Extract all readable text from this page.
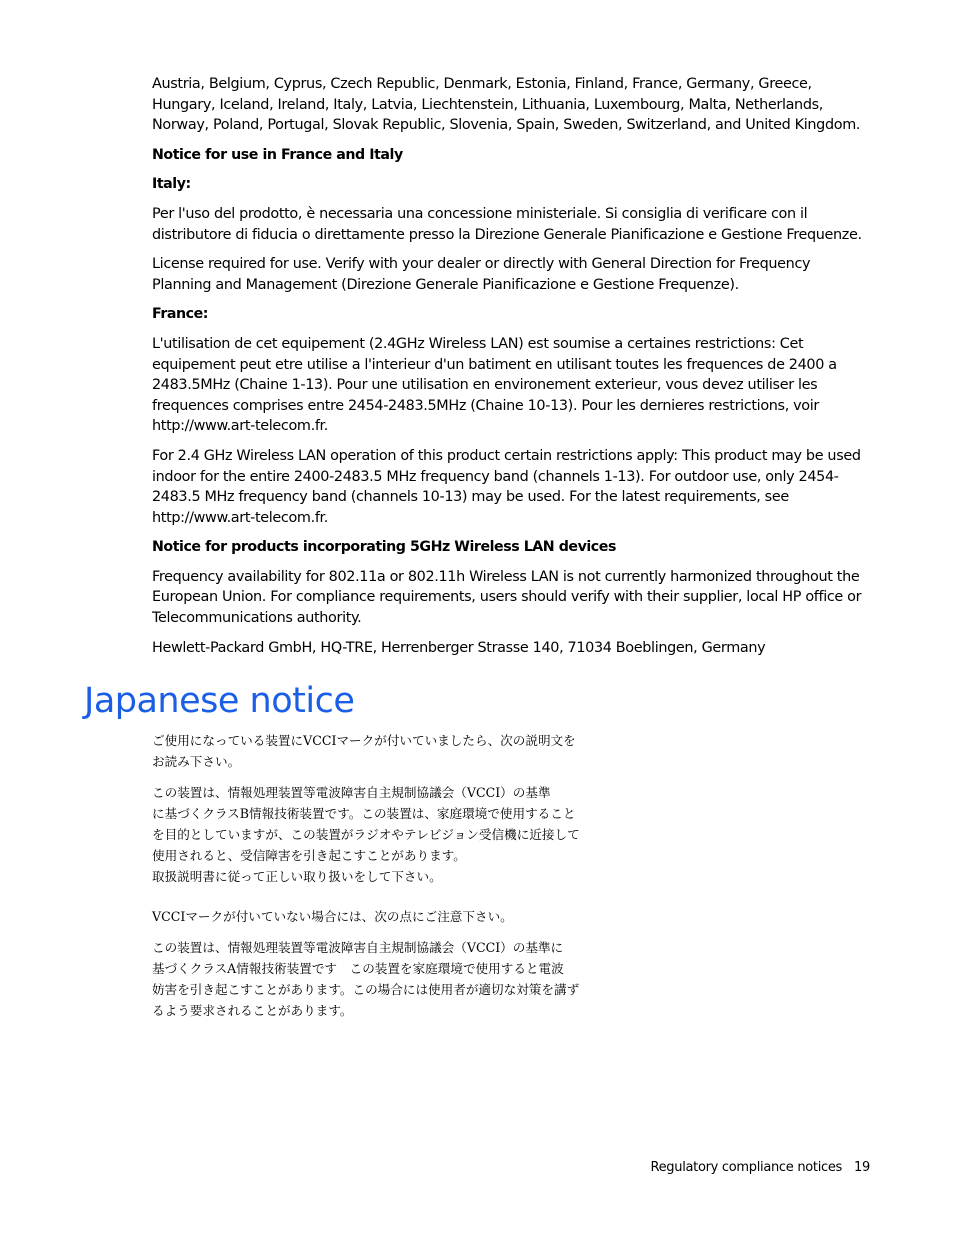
Austria, Belgium, Cyprus, Czech Republic, Denmark, Estonia, Finland, France, Germany, Greece, Hungary, Iceland, Ireland, Italy, Latvia, Liechtenstein, Lithuania, Luxembourg, Malta, Netherlands, Norway, Poland, Portugal, Slovak Republic, Slovenia, Spain, Sweden, Switzerland, and United Kingdom.

Notice for use in France and Italy

Italy:

Per l'uso del prodotto, è necessaria una concessione ministeriale. Si consiglia di verificare con il distributore di fiducia o direttamente presso la Direzione Generale Pianificazione e Gestione Frequenze.

License required for use. Verify with your dealer or directly with General Direction for Frequency Planning and Management (Direzione Generale Pianificazione e Gestione Frequenze).

France:

L'utilisation de cet equipement (2.4GHz Wireless LAN) est soumise a certaines restrictions: Cet equipement peut etre utilise a l'interieur d'un batiment en utilisant toutes les frequences de 2400 a 2483.5MHz (Chaine 1-13). Pour une utilisation en environement exterieur, vous devez utiliser les frequences comprises entre 2454-2483.5MHz (Chaine 10-13). Pour les dernieres restrictions, voir http://www.art-telecom.fr.

For 2.4 GHz Wireless LAN operation of this product certain restrictions apply: This product may be used indoor for the entire 2400-2483.5 MHz frequency band (channels 1-13). For outdoor use, only 2454-2483.5 MHz frequency band (channels 10-13) may be used. For the latest requirements, see http://www.art-telecom.fr.

Notice for products incorporating 5GHz Wireless LAN devices

Frequency availability for 802.11a or 802.11h Wireless LAN is not currently harmonized throughout the European Union. For compliance requirements, users should verify with their supplier, local HP office or Telecommunications authority.

Hewlett-Packard GmbH, HQ-TRE, Herrenberger Strasse 140, 71034 Boeblingen, Germany

Japanese notice

ご使用になっている装置にVCCIマークが付いていましたら、次の説明文を
お読み下さい。

この装置は、情報処理装置等電波障害自主規制協議会（VCCI）の基準
に基づくクラスB情報技術装置です。この装置は、家庭環境で使用すること
を目的としていますが、この装置がラジオやテレビジョン受信機に近接して
使用されると、受信障害を引き起こすことがあります。
取扱説明書に従って正しい取り扱いをして下さい。

VCCIマークが付いていない場合には、次の点にご注意下さい。

この装置は、情報処理装置等電波障害自主規制協議会（VCCI）の基準に
基づくクラスA情報技術装置です　この装置を家庭環境で使用すると電波
妨害を引き起こすことがあります。この場合には使用者が適切な対策を講ず
るよう要求されることがあります。

Regulatory compliance notices 19
